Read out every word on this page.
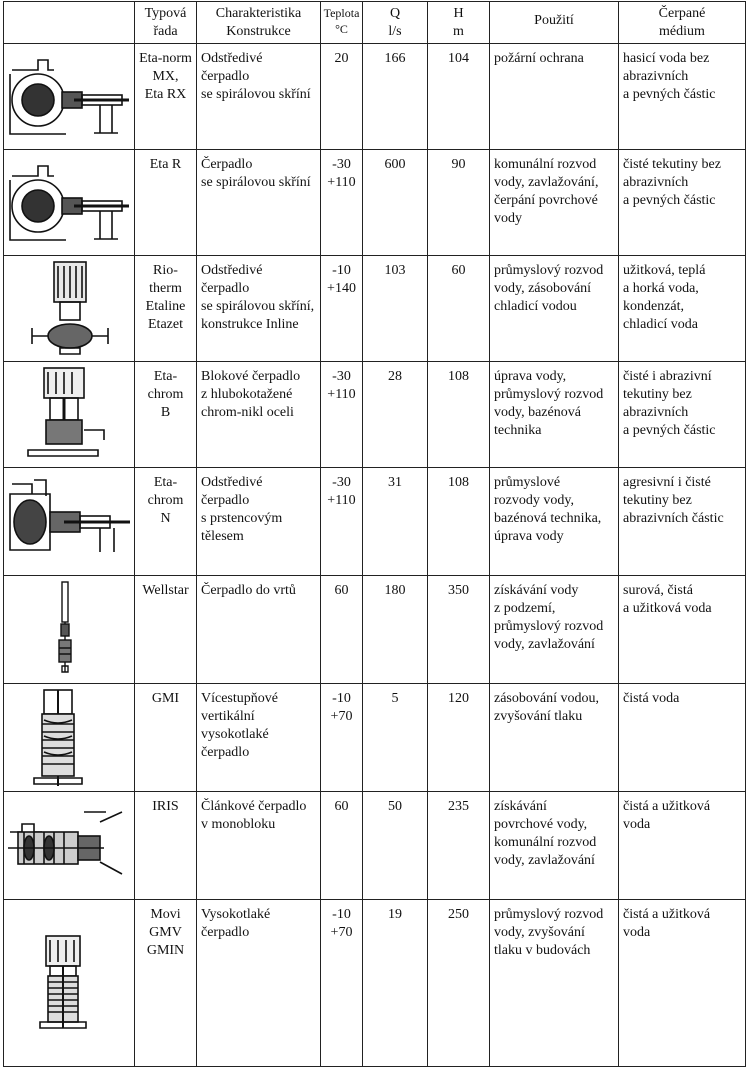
	Typová
řada	Charakteristika
Konstrukce	Teplota
°C	Q
l/s	H
m	Použití	Čerpané
médium

Eta-norm
MX,
Eta RX	Odstředivé
čerpadlo
se spirálovou skříní	20	166	104	požární ochrana	hasicí voda bez
abrazivních
a pevných částic

Eta R	Čerpadlo
se spirálovou skříní	-30
+110	600	90	komunální rozvod
vody, zavlažování,
čerpání povrchové
vody	čisté tekutiny bez
abrazivních
a pevných částic

Rio-
therm
Etaline
Etazet	Odstředivé
čerpadlo
se spirálovou skříní,
konstrukce Inline	-10
+140	103	60	průmyslový rozvod
vody, zásobování
chladicí vodou	užitková, teplá
a horká voda,
kondenzát,
chladicí voda

Eta-
chrom
B	Blokové čerpadlo
z hlubokotažené
chrom-nikl oceli	-30
+110	28	108	úprava vody,
průmyslový rozvod
vody, bazénová
technika	čisté i abrazivní
tekutiny bez
abrazivních
a pevných částic

Eta-
chrom
N	Odstředivé
čerpadlo
s prstencovým
tělesem	-30
+110	31	108	průmyslové
rozvody vody,
bazénová technika,
úprava vody	agresivní i čisté
tekutiny bez
abrazivních částic

Wellstar	Čerpadlo do vrtů	60	180	350	získávání vody
z podzemí,
průmyslový rozvod
vody, zavlažování	surová, čistá
a užitková voda

GMI	Vícestupňové
vertikální
vysokotlaké
čerpadlo	-10
+70	5	120	zásobování vodou,
zvyšování tlaku	čistá voda

IRIS	Článkové čerpadlo
v monobloku	60	50	235	získávání
povrchové vody,
komunální rozvod
vody, zavlažování	čistá a užitková
voda

Movi
GMV
GMIN	Vysokotlaké
čerpadlo	-10
+70	19	250	průmyslový rozvod
vody, zvyšování
tlaku v budovách	čistá a užitková
voda
